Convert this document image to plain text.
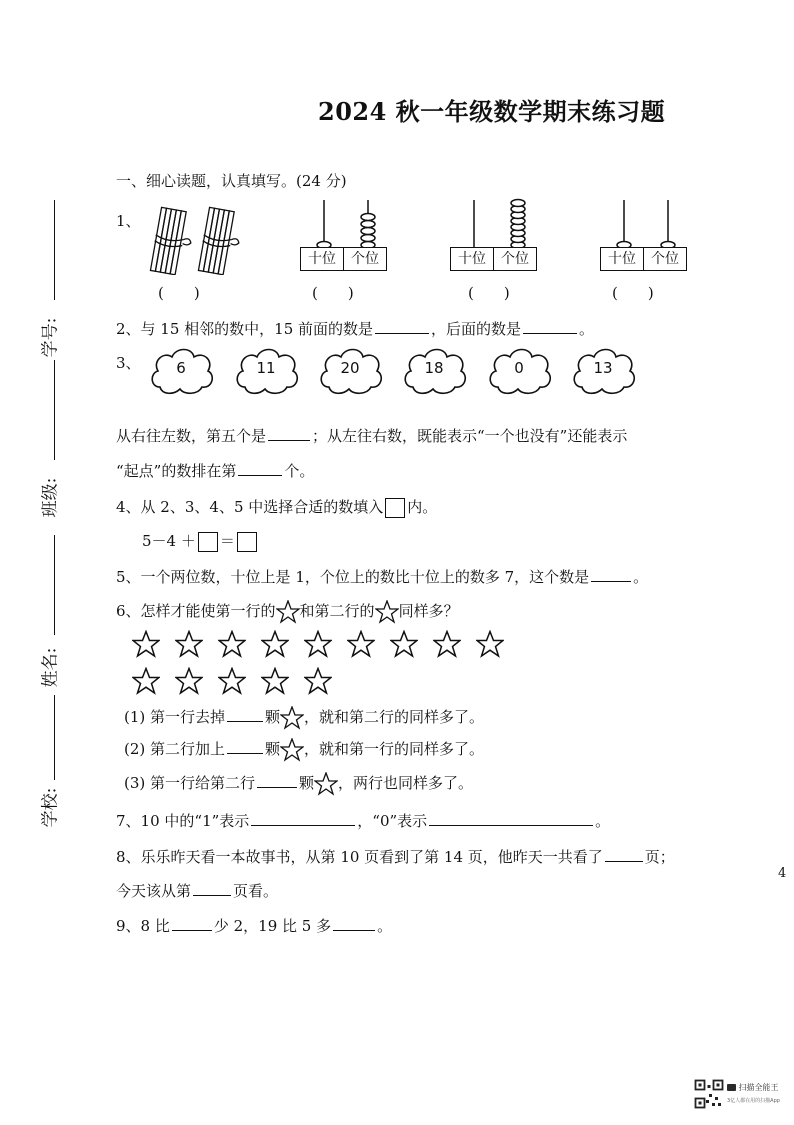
2024 秋一年级数学期末练习题
学号:
班级:
姓名:
学校:
一、细心读题，认真填写。(24 分)
1、
(　　)
十位	个位
(　　)
十位	个位
(　　)
十位	个位
(　　)
2、与 15 相邻的数中，15 前面的数是	，后面的数是	。
3、	6	11	20	18	0	13
从右往左数，第五个是	；从左往右数，既能表示“一个也没有”还能表示
“起点”的数排在第	个。
4、从 2、3、4、5 中选择合适的数填入 内。
5－4 ＋ ＝
5、一个两位数，十位上是 1，个位上的数比十位上的数多 7，这个数是	。
6、怎样才能使第一行的 和第二行的 同样多？
(1) 第一行去掉	颗 ，就和第二行的同样多了。
(2) 第二行加上	颗 ，就和第一行的同样多了。
(3) 第一行给第二行	颗 ，两行也同样多了。
7、10 中的“1”表示	，“0”表示	。
8、乐乐昨天看一本故事书，从第 10 页看到了第 14 页，他昨天一共看了	页；
今天该从第	页看。
4
9、8 比	少 2，19 比 5 多	。
扫描全能王
3亿人都在用的扫描App
